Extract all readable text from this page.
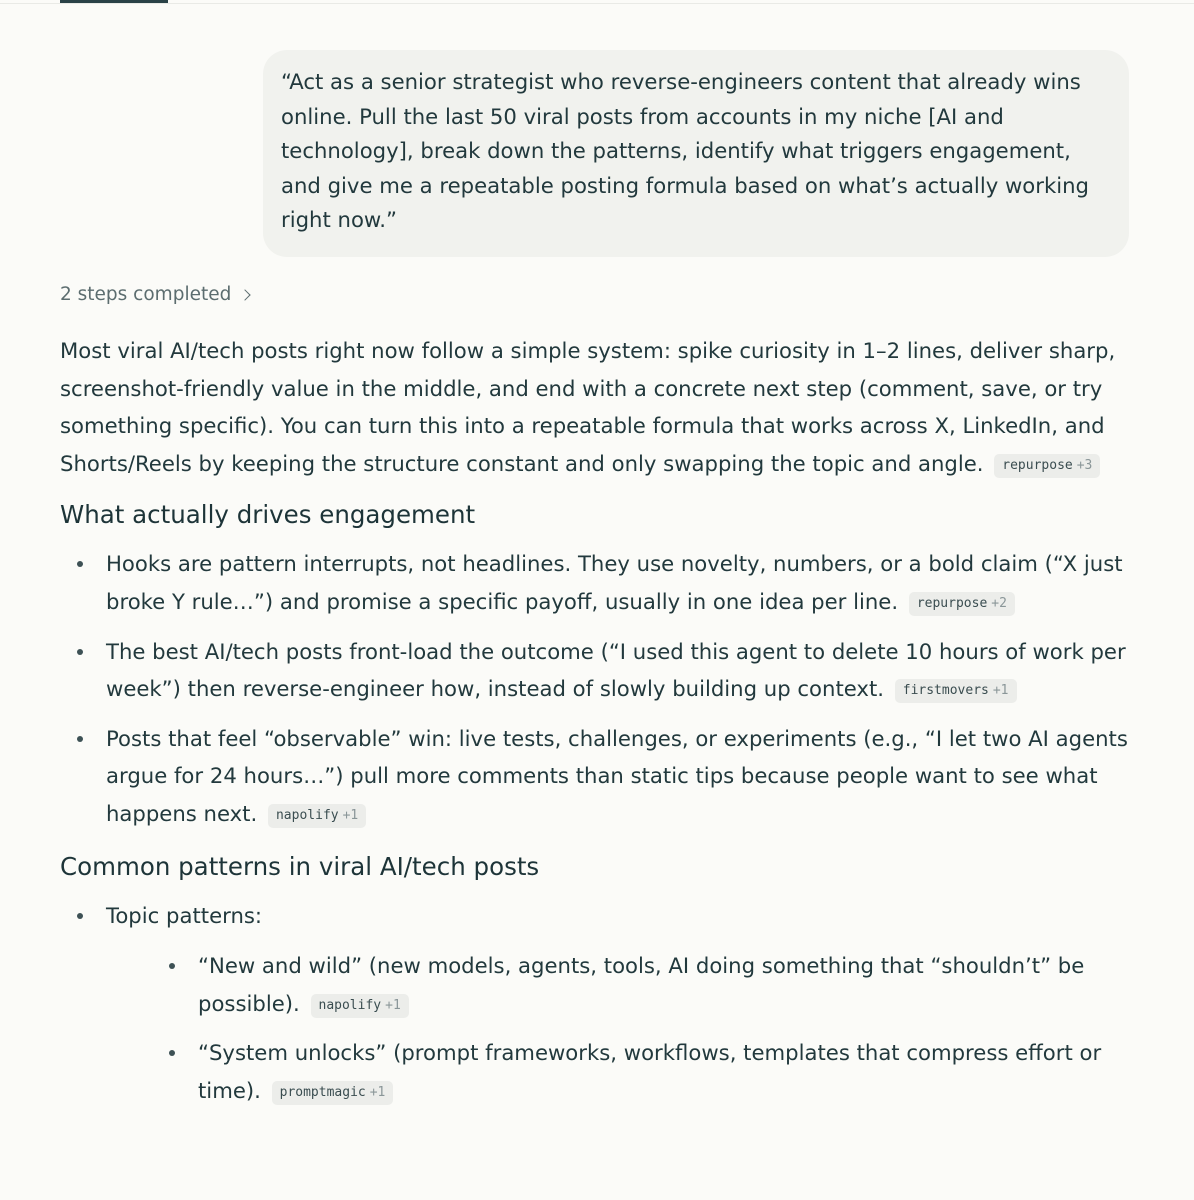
“Act as a senior strategist who reverse-engineers content that already wins online. Pull the last 50 viral posts from accounts in my niche [AI and technology], break down the patterns, identify what triggers engagement, and give me a repeatable posting formula based on what’s actually working right now.”
2 steps completed

Most viral AI/tech posts right now follow a simple system: spike curiosity in 1–2 lines, deliver sharp, screenshot-friendly value in the middle, and end with a concrete next step (comment, save, or try something specific). You can turn this into a repeatable formula that works across X, LinkedIn, and Shorts/Reels by keeping the structure constant and only swapping the topic and angle. repurpose +3

What actually drives engagement
Hooks are pattern interrupts, not headlines. They use novelty, numbers, or a bold claim (“X just broke Y rule…”) and promise a specific payoff, usually in one idea per line. repurpose +2
The best AI/tech posts front-load the outcome (“I used this agent to delete 10 hours of work per week”) then reverse-engineer how, instead of slowly building up context. firstmovers +1
Posts that feel “observable” win: live tests, challenges, or experiments (e.g., “I let two AI agents argue for 24 hours…”) pull more comments than static tips because people want to see what happens next. napolify +1
Common patterns in viral AI/tech posts
Topic patterns:
“New and wild” (new models, agents, tools, AI doing something that “shouldn’t” be possible). napolify +1
“System unlocks” (prompt frameworks, workflows, templates that compress effort or time). promptmagic +1
